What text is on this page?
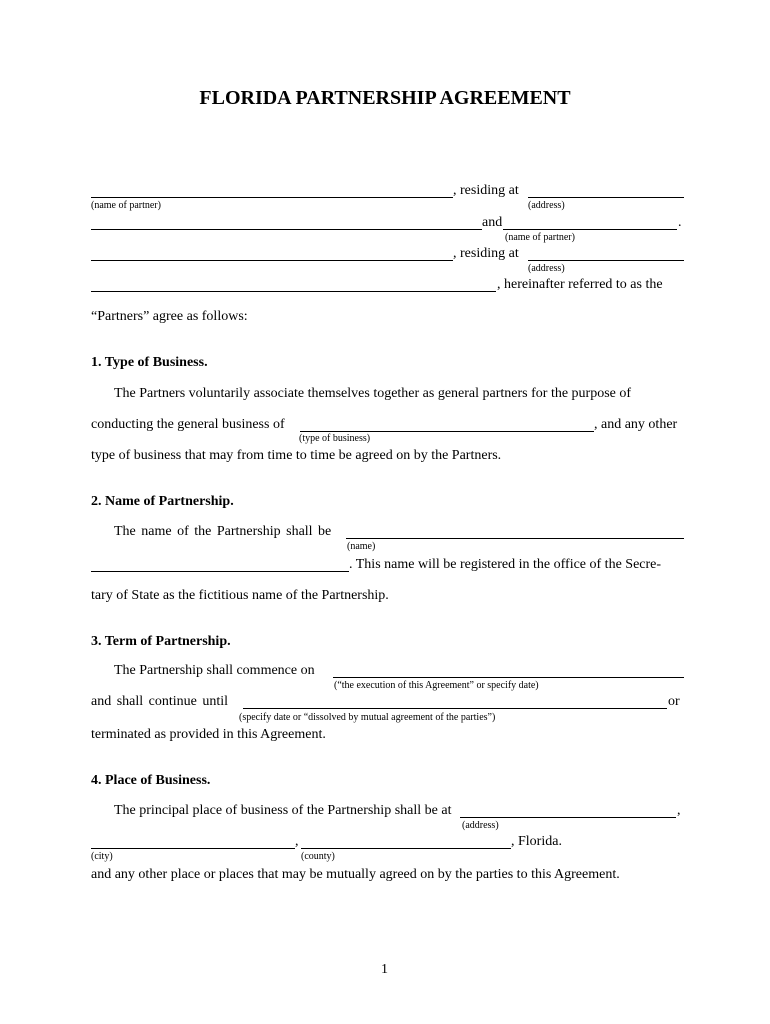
FLORIDA PARTNERSHIP AGREEMENT
, residing at
(name of partner)	(address)
and	.
(name of partner)
, residing at
(address)
, hereinafter referred to as the
“Partners” agree as follows:
1. Type of Business.
The Partners voluntarily associate themselves together as general partners for the purpose of
conducting the general business of	, and any other
(type of business)
type of business that may from time to time be agreed on by the Partners.
2. Name of Partnership.
The name of the Partnership shall be
(name)
. This name will be registered in the office of the Secre-
tary of State as the fictitious name of the Partnership.
3. Term of Partnership.
The Partnership shall commence on
(“the execution of this Agreement” or specify date)
and shall continue until	or
(specify date or “dissolved by mutual agreement of the parties”)
terminated as provided in this Agreement.
4. Place of Business.
The principal place of business of the Partnership shall be at	,
(address)
,	, Florida.
(city)	(county)
and any other place or places that may be mutually agreed on by the parties to this Agreement.
1
